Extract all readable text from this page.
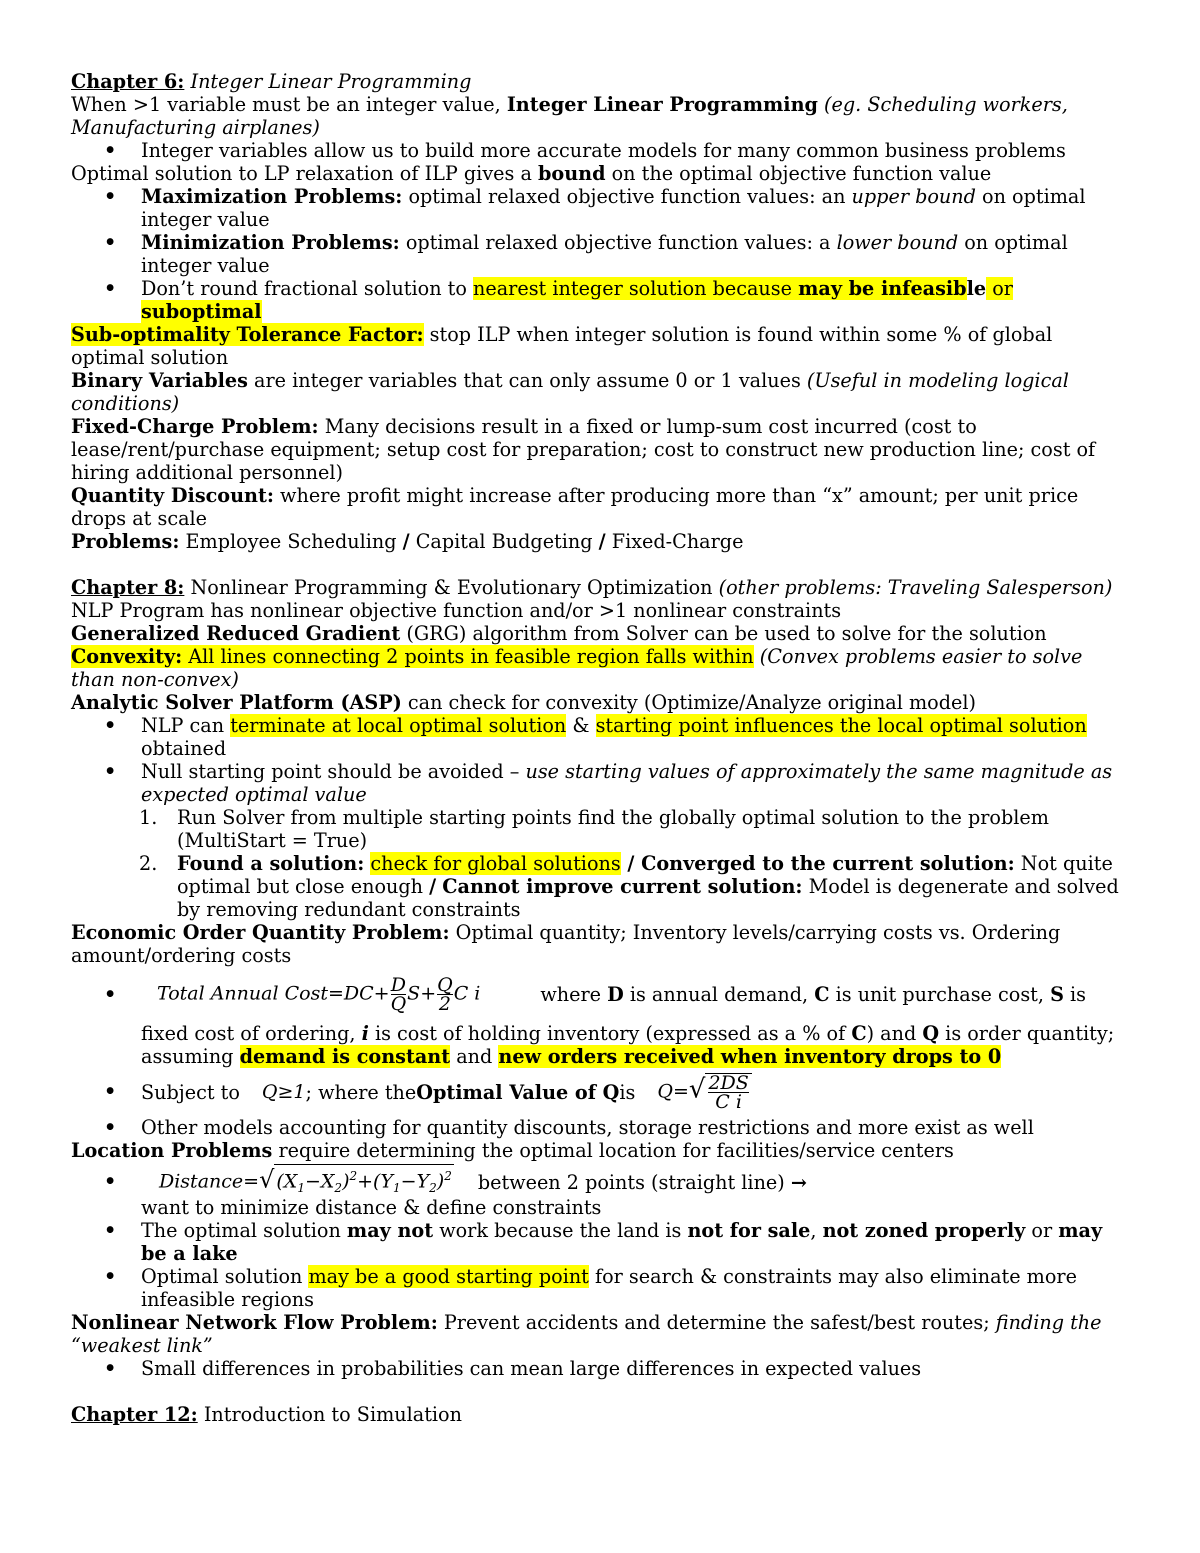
Chapter 6: Integer Linear Programming

When >1 variable must be an integer value, Integer Linear Programming (eg. Scheduling workers, Manufacturing airplanes)

• Integer variables allow us to build more accurate models for many common business problems

Optimal solution to LP relaxation of ILP gives a bound on the optimal objective function value

• Maximization Problems: optimal relaxed objective function values: an upper bound on optimal integer value
• Minimization Problems: optimal relaxed objective function values: a lower bound on optimal integer value
• Don’t round fractional solution to nearest integer solution because may be infeasible or suboptimal

Sub-optimality Tolerance Factor: stop ILP when integer solution is found within some % of global optimal solution

Binary Variables are integer variables that can only assume 0 or 1 values (Useful in modeling logical conditions)

Fixed-Charge Problem: Many decisions result in a fixed or lump-sum cost incurred (cost to lease/rent/purchase equipment; setup cost for preparation; cost to construct new production line; cost of hiring additional personnel)

Quantity Discount: where profit might increase after producing more than “x” amount; per unit price drops at scale

Problems: Employee Scheduling / Capital Budgeting / Fixed-Charge

Chapter 8: Nonlinear Programming & Evolutionary Optimization (other problems: Traveling Salesperson)

NLP Program has nonlinear objective function and/or >1 nonlinear constraints

Generalized Reduced Gradient (GRG) algorithm from Solver can be used to solve for the solution

Convexity: All lines connecting 2 points in feasible region falls within (Convex problems easier to solve than non-convex)

Analytic Solver Platform (ASP) can check for convexity (Optimize/Analyze original model)

• NLP can terminate at local optimal solution & starting point influences the local optimal solution obtained
• Null starting point should be avoided – use starting values of approximately the same magnitude as expected optimal value
1. Run Solver from multiple starting points find the globally optimal solution to the problem (MultiStart = True)
2. Found a solution: check for global solutions / Converged to the current solution: Not quite optimal but close enough / Cannot improve current solution: Model is degenerate and solved by removing redundant constraints

Economic Order Quantity Problem: Optimal quantity; Inventory levels/carrying costs vs. Ordering amount/ordering costs

• Total Annual Cost=DC+ $\frac{D}{Q} S+ \frac{Q}{2}$ C i	where D is annual demand, C is unit purchase cost, S is
fixed cost of ordering, i is cost of holding inventory (expressed as a % of C) and Q is order quantity; assuming demand is constant and new orders received when inventory drops to 0
• Subject to Q≥1 ; where the Optimal Value of Q is $Q=√ \frac{2DS}{\text{C i}}$
• Other models accounting for quantity discounts, storage restrictions and more exist as well

Location Problems require determining the optimal location for facilities/service centers

• Distance=√ $(X_1-X_2)^2+(Y_1-Y_2)^2$ between 2 points (straight line) →
want to minimize distance & define constraints
• The optimal solution may not work because the land is not for sale, not zoned properly or may be a lake
• Optimal solution may be a good starting point for search & constraints may also eliminate more infeasible regions

Nonlinear Network Flow Problem: Prevent accidents and determine the safest/best routes; finding the “weakest link”

• Small differences in probabilities can mean large differences in expected values

Chapter 12: Introduction to Simulation
